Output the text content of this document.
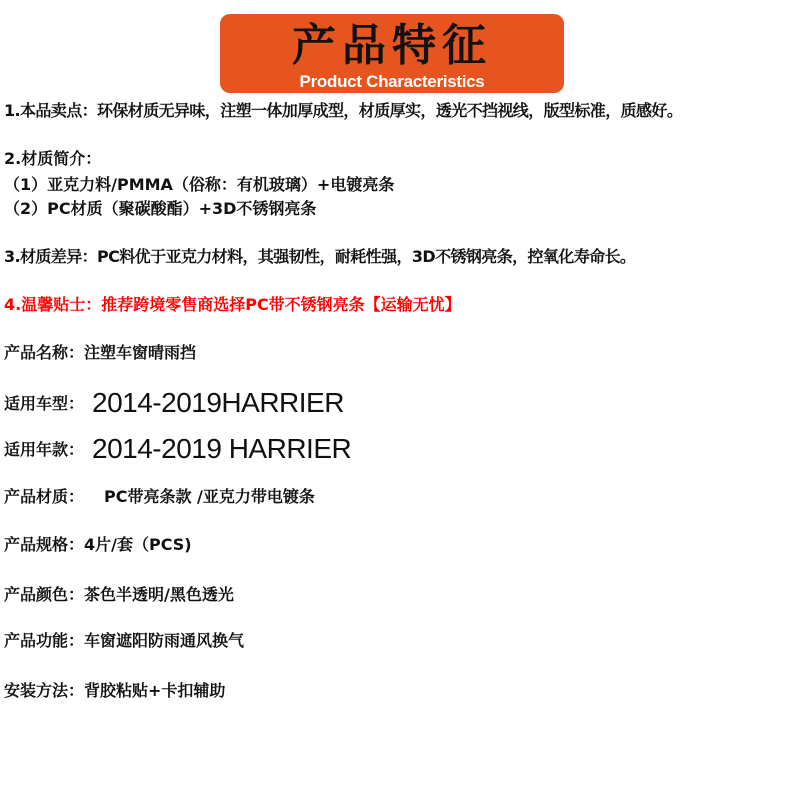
产品特征
Product Characteristics
1.本品卖点：环保材质无异味，注塑一体加厚成型，材质厚实，透光不挡视线，版型标准，质感好。
2.材质简介：
（1）亚克力料/PMMA（俗称：有机玻璃）+电镀亮条
（2）PC材质（聚碳酸酯）+3D不锈钢亮条
3.材质差异：PC料优于亚克力材料，其强韧性，耐耗性强，3D不锈钢亮条，控氧化寿命长。
4.温馨贴士：推荐跨境零售商选择PC带不锈钢亮条【运输无忧】
产品名称：注塑车窗晴雨挡
适用车型： 2014-2019HARRIER
适用年款： 2014-2019 HARRIER
产品材质： PC带亮条款 /亚克力带电镀条
产品规格：4片/套（PCS)
产品颜色：茶色半透明/黑色透光
产品功能：车窗遮阳防雨通风换气
安装方法：背胶粘贴+卡扣辅助
